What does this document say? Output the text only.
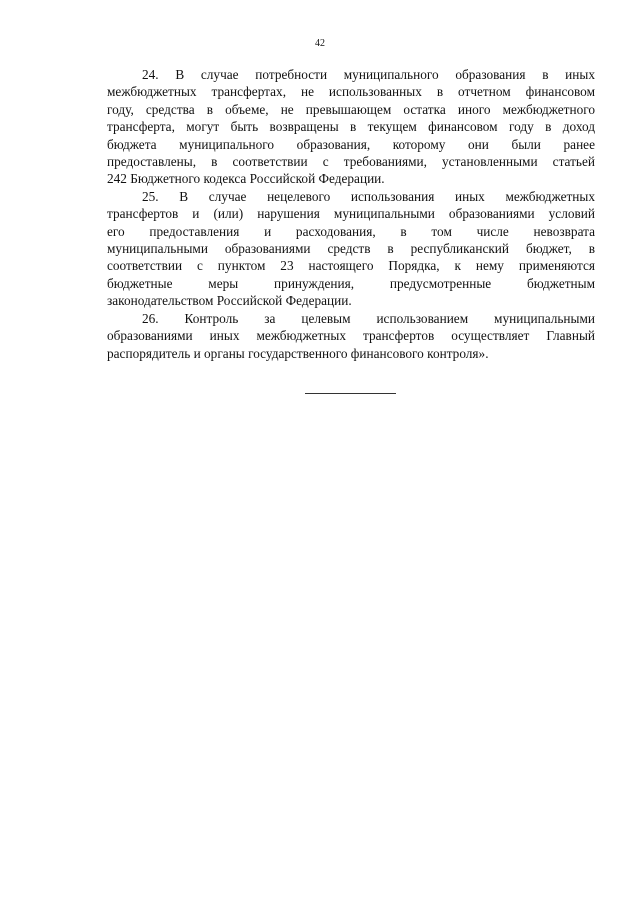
42

24. В случае потребности муниципального образования в иных
межбюджетных трансфертах, не использованных в отчетном финансовом
году, средства в объеме, не превышающем остатка иного межбюджетного
трансферта, могут быть возвращены в текущем финансовом году в доход
бюджета муниципального образования, которому они были ранее
предоставлены, в соответствии с требованиями, установленными статьей
242 Бюджетного кодекса Российской Федерации.

25. В случае нецелевого использования иных межбюджетных
трансфертов и (или) нарушения муниципальными образованиями условий
его предоставления и расходования, в том числе невозврата
муниципальными образованиями средств в республиканский бюджет, в
соответствии с пунктом 23 настоящего Порядка, к нему применяются
бюджетные меры принуждения, предусмотренные бюджетным
законодательством Российской Федерации.

26. Контроль за целевым использованием муниципальными
образованиями иных межбюджетных трансфертов осуществляет Главный
распорядитель и органы государственного финансового контроля».
